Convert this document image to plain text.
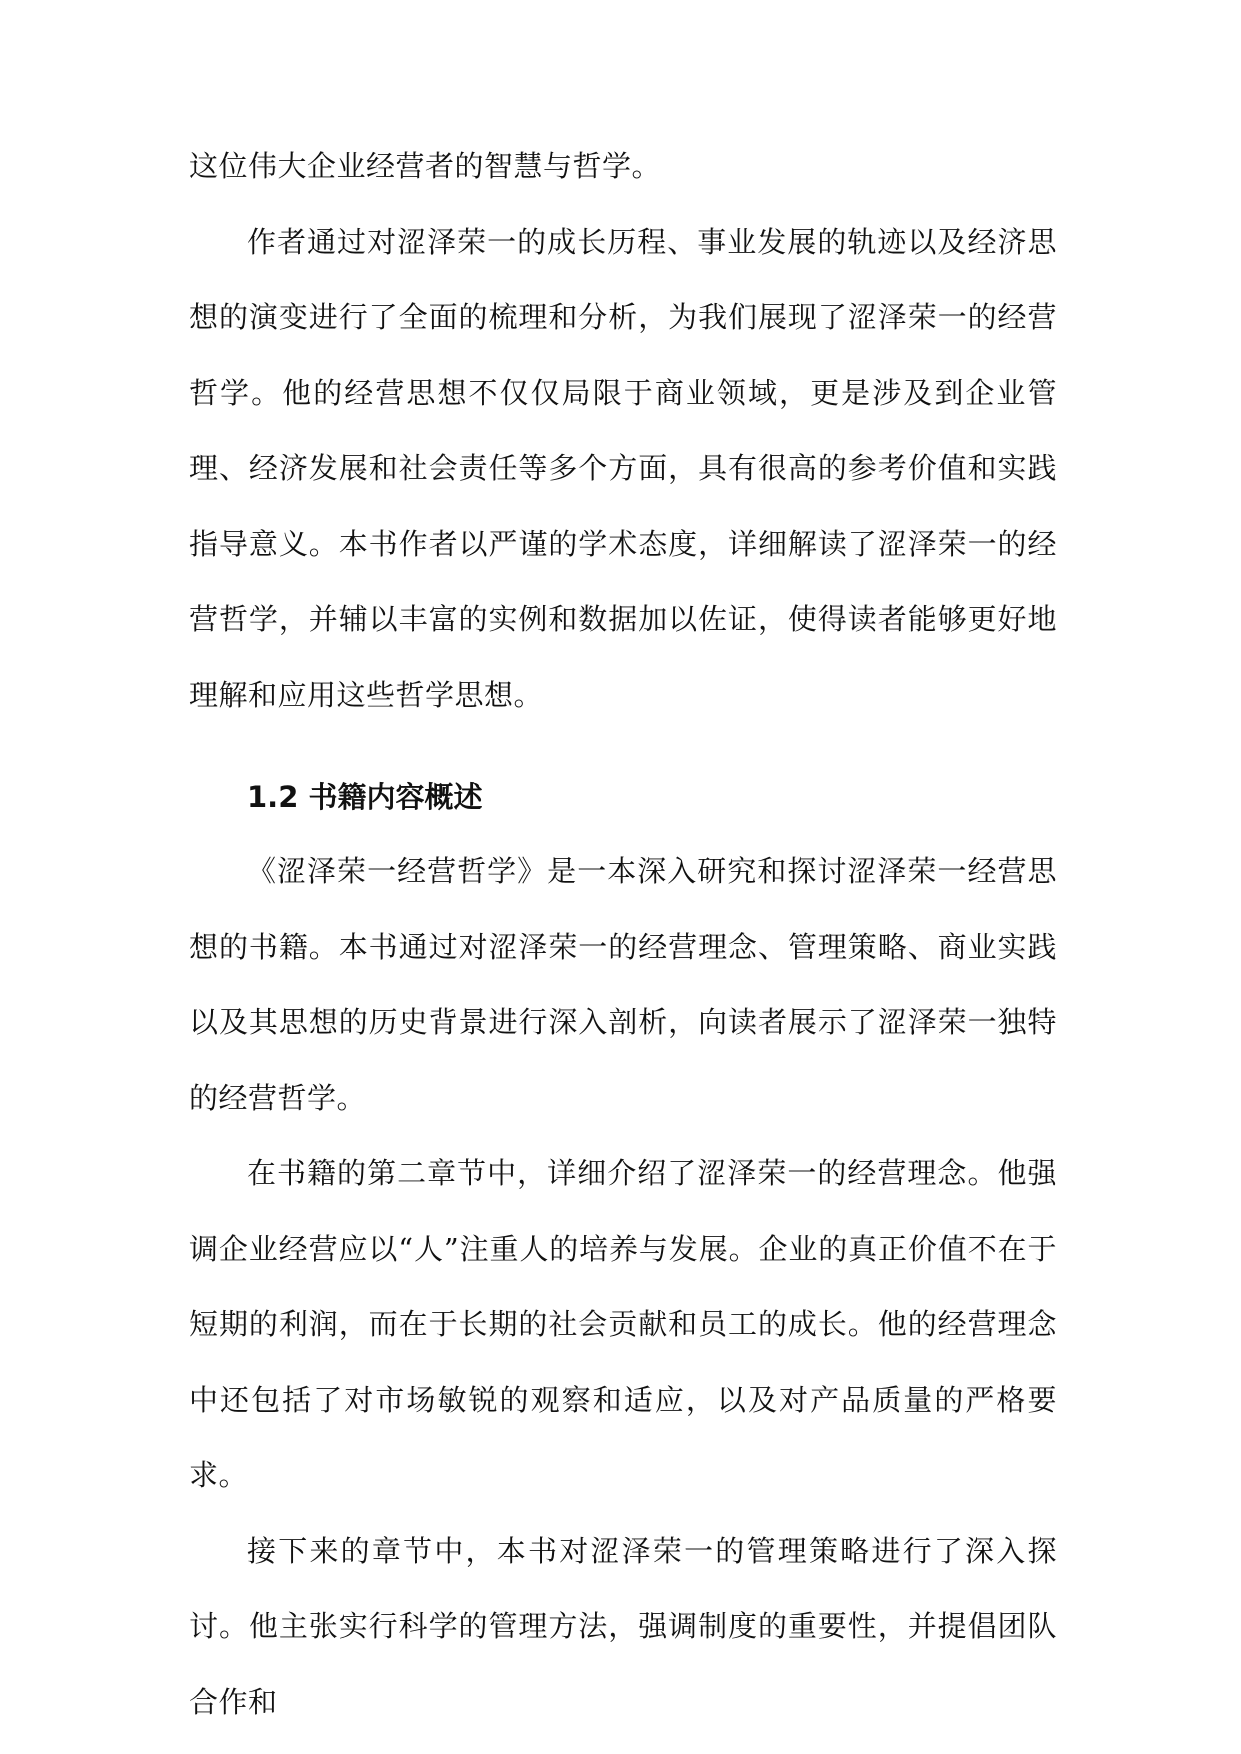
这位伟大企业经营者的智慧与哲学。

作者通过对涩泽荣一的成长历程、事业发展的轨迹以及经济思想的演变进行了全面的梳理和分析，为我们展现了涩泽荣一的经营哲学。他的经营思想不仅仅局限于商业领域，更是涉及到企业管理、经济发展和社会责任等多个方面，具有很高的参考价值和实践指导意义。本书作者以严谨的学术态度，详细解读了涩泽荣一的经营哲学，并辅以丰富的实例和数据加以佐证，使得读者能够更好地理解和应用这些哲学思想。

1.2 书籍内容概述

《涩泽荣一经营哲学》是一本深入研究和探讨涩泽荣一经营思想的书籍。本书通过对涩泽荣一的经营理念、管理策略、商业实践以及其思想的历史背景进行深入剖析，向读者展示了涩泽荣一独特的经营哲学。

在书籍的第二章节中，详细介绍了涩泽荣一的经营理念。他强调企业经营应以“人”注重人的培养与发展。企业的真正价值不在于短期的利润，而在于长期的社会贡献和员工的成长。他的经营理念中还包括了对市场敏锐的观察和适应，以及对产品质量的严格要求。

接下来的章节中，本书对涩泽荣一的管理策略进行了深入探讨。他主张实行科学的管理方法，强调制度的重要性，并提倡团队合作和
